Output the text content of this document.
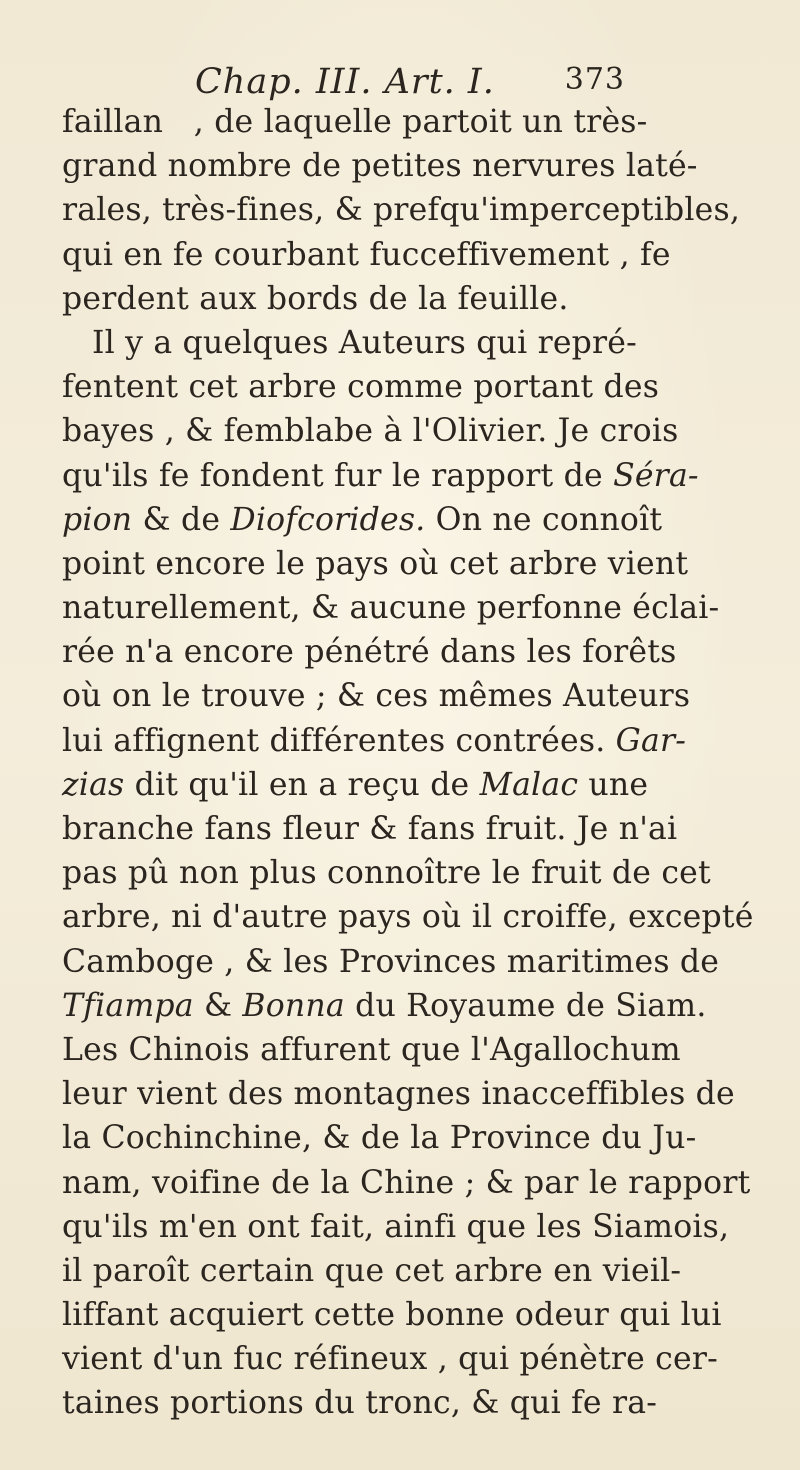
Chap. III. Art. I. 373
faillan   , de laquelle partoit un très-
grand nombre de petites nervures laté-
rales, très-fines, & prefqu'imperceptibles,
qui en fe courbant fucceffivement , fe
perdent aux bords de la feuille.
Il y a quelques Auteurs qui repré-
fentent cet arbre comme portant des
bayes , & femblabe à l'Olivier. Je crois
qu'ils fe fondent fur le rapport de Séra-
pion & de Diofcorides. On ne connoît
point encore le pays où cet arbre vient
naturellement, & aucune perfonne éclai-
rée n'a encore pénétré dans les forêts
où on le trouve ; & ces mêmes Auteurs
lui affignent différentes contrées. Gar-
zias dit qu'il en a reçu de Malac une
branche fans fleur & fans fruit. Je n'ai
pas pû non plus connoître le fruit de cet
arbre, ni d'autre pays où il croiffe, excepté
Camboge , & les Provinces maritimes de
Tfiampa & Bonna du Royaume de Siam.
Les Chinois affurent que l'Agallochum
leur vient des montagnes inacceffibles de
la Cochinchine, & de la Province du Ju-
nam, voifine de la Chine ; & par le rapport
qu'ils m'en ont fait, ainfi que les Siamois,
il paroît certain que cet arbre en vieil-
liffant acquiert cette bonne odeur qui lui
vient d'un fuc réfineux , qui pénètre cer-
taines portions du tronc, & qui fe ra-
